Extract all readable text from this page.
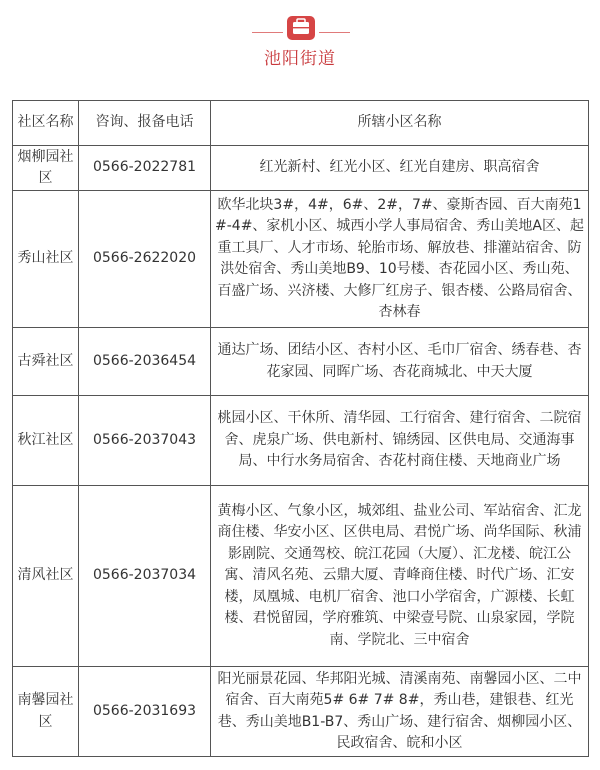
池阳街道
社区名称	咨询、报备电话	所辖小区名称
烟柳园社区	0566-2022781	红光新村、红光小区、红光自建房、职高宿舍
秀山社区	0566-2622020	欧华北块3#，4#，6#、2#，7#、豪斯杏园、百大南苑1#-4#、家机小区、城西小学人事局宿舍、秀山美地A区、起重工具厂、人才市场、轮胎市场、解放巷、排灌站宿舍、防洪处宿舍、秀山美地B9、10号楼、杏花园小区、秀山苑、百盛广场、兴济楼、大修厂红房子、银杏楼、公路局宿舍、杏林春
古舜社区	0566-2036454	通达广场、团结小区、杏村小区、毛巾厂宿舍、绣春巷、杏花家园、同晖广场、杏花商城北、中天大厦
秋江社区	0566-2037043	桃园小区、干休所、清华园、工行宿舍、建行宿舍、二院宿舍、虎泉广场、供电新村、锦绣园、区供电局、交通海事局、中行水务局宿舍、杏花村商住楼、天地商业广场
清风社区	0566-2037034	黄梅小区、气象小区，城郊组、盐业公司、军站宿舍、汇龙商住楼、华安小区、区供电局、君悦广场、尚华国际、秋浦影剧院、交通驾校、皖江花园（大厦）、汇龙楼、皖江公寓、清风名苑、云鼎大厦、青峰商住楼、时代广场、汇安楼，凤凰城、电机厂宿舍、池口小学宿舍，广源楼、长虹楼、君悦留园，学府雅筑、中梁壹号院、山泉家园，学院南、学院北、三中宿舍
南馨园社区	0566-2031693	阳光丽景花园、华邦阳光城、清溪南苑、南馨园小区、二中宿舍、百大南苑5# 6# 7# 8#，秀山巷，建银巷、红光巷、秀山美地B1-B7、秀山广场、建行宿舍、烟柳园小区、民政宿舍、皖和小区
